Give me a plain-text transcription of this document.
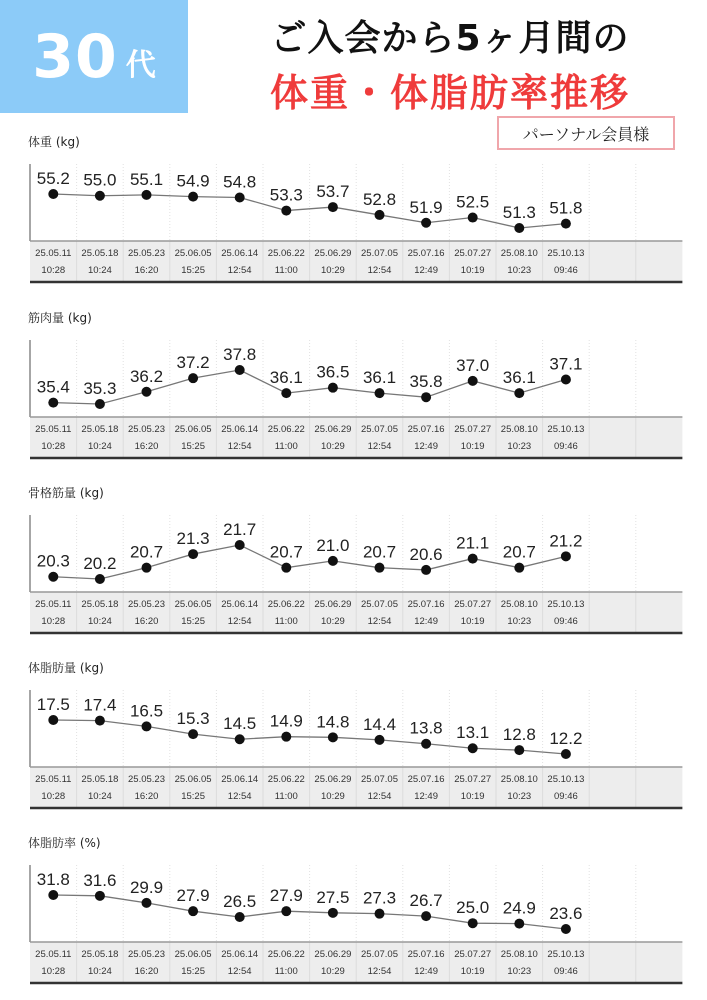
30 代
ご入会から5ヶ月間の
体重・体脂肪率推移
パーソナル会員様
体重 (kg)
55.2 55.0 55.1 54.9 54.8
53.3 53.7 52.8 51.9 52.5
51.3 51.8
25.05.11
10:28
25.05.18
10:24
25.05.23
16:20
25.06.05
15:25
25.06.14
12:54
25.06.22
11:00
25.06.29
10:29
25.07.05
12:54
25.07.16
12:49
25.07.27
10:19
25.08.10
10:23
25.10.13
09:46
筋肉量 (kg)
35.4 35.3
36.2
37.2 37.8
36.1 36.5 36.1 35.8
37.0
36.1
37.1
25.05.11
10:28
25.05.18
10:24
25.05.23
16:20
25.06.05
15:25
25.06.14
12:54
25.06.22
11:00
25.06.29
10:29
25.07.05
12:54
25.07.16
12:49
25.07.27
10:19
25.08.10
10:23
25.10.13
09:46
骨格筋量 (kg)
20.3 20.2
20.7
21.3 21.7
20.7 21.0 20.7 20.6
21.1 20.7
21.2
25.05.11
10:28
25.05.18
10:24
25.05.23
16:20
25.06.05
15:25
25.06.14
12:54
25.06.22
11:00
25.06.29
10:29
25.07.05
12:54
25.07.16
12:49
25.07.27
10:19
25.08.10
10:23
25.10.13
09:46
体脂肪量 (kg)
17.5 17.4 16.5 15.3 14.5 14.9 14.8 14.4 13.8 13.1 12.8 12.2
25.05.11
10:28
25.05.18
10:24
25.05.23
16:20
25.06.05
15:25
25.06.14
12:54
25.06.22
11:00
25.06.29
10:29
25.07.05
12:54
25.07.16
12:49
25.07.27
10:19
25.08.10
10:23
25.10.13
09:46
体脂肪率 (%)
31.8 31.6 29.9 27.9 26.5 27.9 27.5 27.3 26.7 25.0 24.9 23.6
25.05.11
10:28
25.05.18
10:24
25.05.23
16:20
25.06.05
15:25
25.06.14
12:54
25.06.22
11:00
25.06.29
10:29
25.07.05
12:54
25.07.16
12:49
25.07.27
10:19
25.08.10
10:23
25.10.13
09:46
